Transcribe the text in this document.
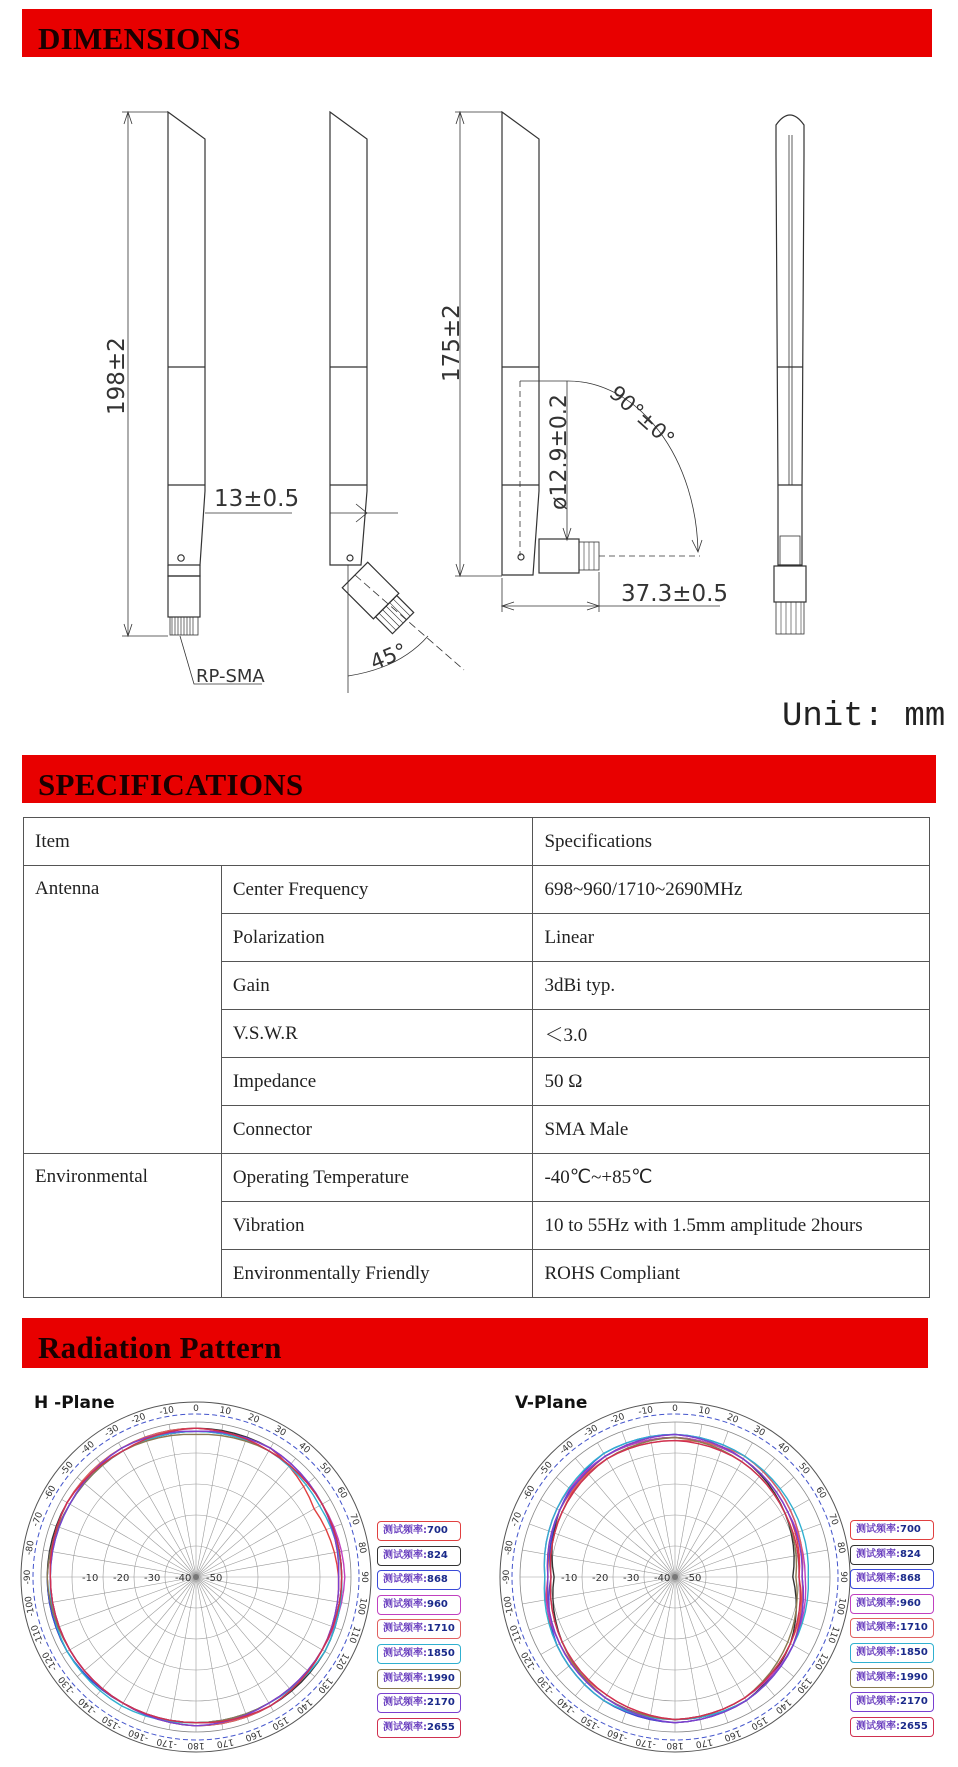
DIMENSIONS
198±2	175±2
13±0.5	ø12.9±0.2 90°±0°
45°
37.3±0.5
RP-SMA
Unit: mm
SPECIFICATIONS
Item		Specifications
Antenna	Center Frequency	698~960/1710~2690MHz
	Polarization	Linear
	Gain	3dBi typ.
	V.S.W.R	＜3.0
	Impedance	50 Ω
	Connector	SMA Male
Environmental	Operating Temperature	-40℃~+85℃
	Vibration	10 to 55Hz with 1.5mm amplitude 2hours
	Environmentally Friendly	ROHS Compliant
Radiation Pattern
H -Plane	V-Plane
0 10
20
30
40
50
60
70
80
90
100
110
120
130
140
150
160
170
180
-170
-160
-150
-140
-130
-120
-110
-100
-90
-80
-70
-60
-50
-40
-30
-20
-10
-10 -20 -30 -40 -50
0 10
20
30
40
50
60
70
80
90
100
110
120
130
140
150
160
170
180
-170
-160
-150
-140
-130
-120
-110
-100
-90
-80
-70
-60
-50
-40
-30
-20
-10
-10 -20 -30 -40 -50
测试频率:700
测试频率:824
测试频率:868
测试频率:960
测试频率:1710
测试频率:1850
测试频率:1990
测试频率:2170
测试频率:2655
测试频率:700
测试频率:824
测试频率:868
测试频率:960
测试频率:1710
测试频率:1850
测试频率:1990
测试频率:2170
测试频率:2655
